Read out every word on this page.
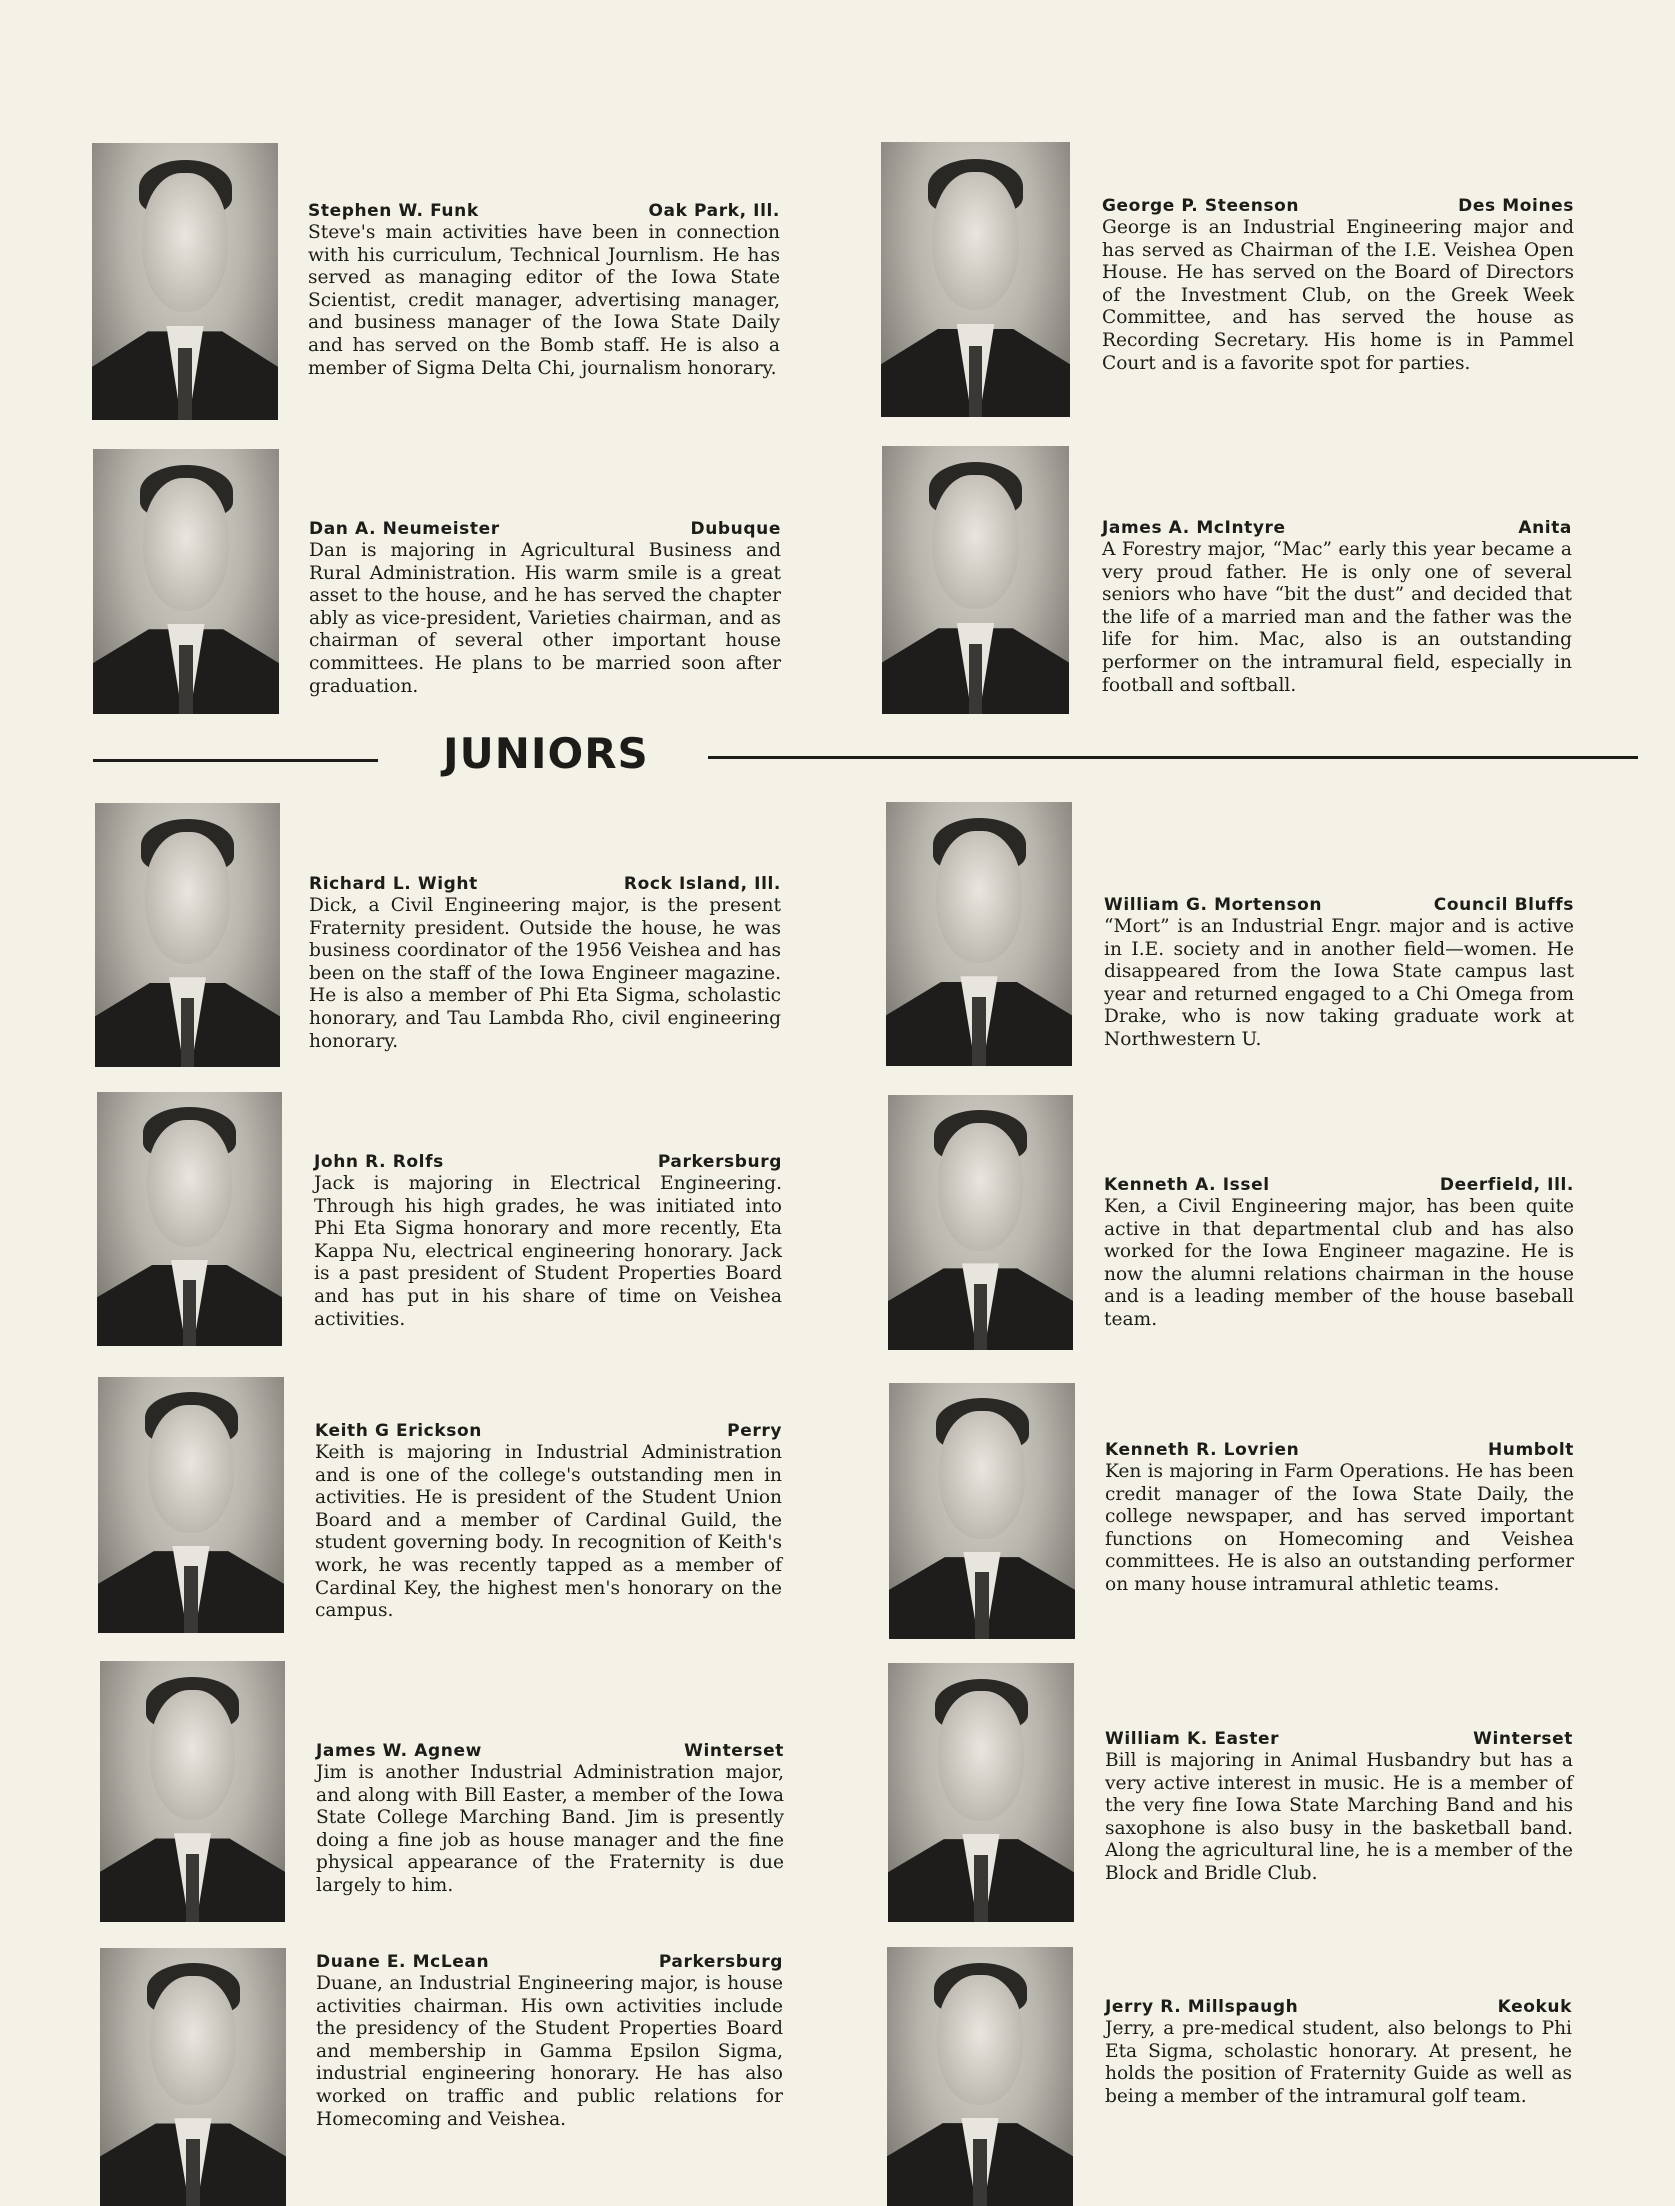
JUNIORS
Stephen W. Funk	Oak Park, Ill.
Steve's main activities have been in connection with his curriculum, Technical Journlism. He has served as managing editor of the Iowa State Scientist, credit manager, advertising manager, and business manager of the Iowa State Daily and has served on the Bomb staff. He is also a member of Sigma Delta Chi, journalism honorary.
George P. Steenson	Des Moines
George is an Industrial Engineering major and has served as Chairman of the I.E. Veishea Open House. He has served on the Board of Directors of the Investment Club, on the Greek Week Committee, and has served the house as Recording Secretary. His home is in Pammel Court and is a favorite spot for parties.
Dan A. Neumeister	Dubuque
Dan is majoring in Agricultural Business and Rural Administration. His warm smile is a great asset to the house, and he has served the chapter ably as vice-president, Varieties chairman, and as chairman of several other important house committees. He plans to be married soon after graduation.
James A. McIntyre	Anita
A Forestry major, “Mac” early this year became a very proud father. He is only one of several seniors who have “bit the dust” and decided that the life of a married man and the father was the life for him. Mac, also is an outstanding performer on the intramural field, especially in football and softball.
Richard L. Wight	Rock Island, Ill.
Dick, a Civil Engineering major, is the present Fraternity president. Outside the house, he was business coordinator of the 1956 Veishea and has been on the staff of the Iowa Engineer magazine. He is also a member of Phi Eta Sigma, scholastic honorary, and Tau Lambda Rho, civil engineering honorary.
William G. Mortenson	Council Bluffs
“Mort” is an Industrial Engr. major and is active in I.E. society and in another field—women. He disappeared from the Iowa State campus last year and returned engaged to a Chi Omega from Drake, who is now taking graduate work at Northwestern U.
John R. Rolfs	Parkersburg
Jack is majoring in Electrical Engineering. Through his high grades, he was initiated into Phi Eta Sigma honorary and more recently, Eta Kappa Nu, electrical engineering honorary. Jack is a past president of Student Properties Board and has put in his share of time on Veishea activities.
Kenneth A. Issel	Deerfield, Ill.
Ken, a Civil Engineering major, has been quite active in that departmental club and has also worked for the Iowa Engineer magazine. He is now the alumni relations chairman in the house and is a leading member of the house baseball team.
Keith G Erickson	Perry
Keith is majoring in Industrial Administration and is one of the college's outstanding men in activities. He is president of the Student Union Board and a member of Cardinal Guild, the student governing body. In recognition of Keith's work, he was recently tapped as a member of Cardinal Key, the highest men's honorary on the campus.
Kenneth R. Lovrien	Humbolt
Ken is majoring in Farm Operations. He has been credit manager of the Iowa State Daily, the college newspaper, and has served important functions on Homecoming and Veishea committees. He is also an outstanding performer on many house intramural athletic teams.
James W. Agnew	Winterset
Jim is another Industrial Administration major, and along with Bill Easter, a member of the Iowa State College Marching Band. Jim is presently doing a fine job as house manager and the fine physical appearance of the Fraternity is due largely to him.
William K. Easter	Winterset
Bill is majoring in Animal Husbandry but has a very active interest in music. He is a member of the very fine Iowa State Marching Band and his saxophone is also busy in the basketball band. Along the agricultural line, he is a member of the Block and Bridle Club.
Duane E. McLean	Parkersburg
Duane, an Industrial Engineering major, is house activities chairman. His own activities include the presidency of the Student Properties Board and membership in Gamma Epsilon Sigma, industrial engineering honorary. He has also worked on traffic and public relations for Homecoming and Veishea.
Jerry R. Millspaugh	Keokuk
Jerry, a pre-medical student, also belongs to Phi Eta Sigma, scholastic honorary. At present, he holds the position of Fraternity Guide as well as being a member of the intramural golf team.
